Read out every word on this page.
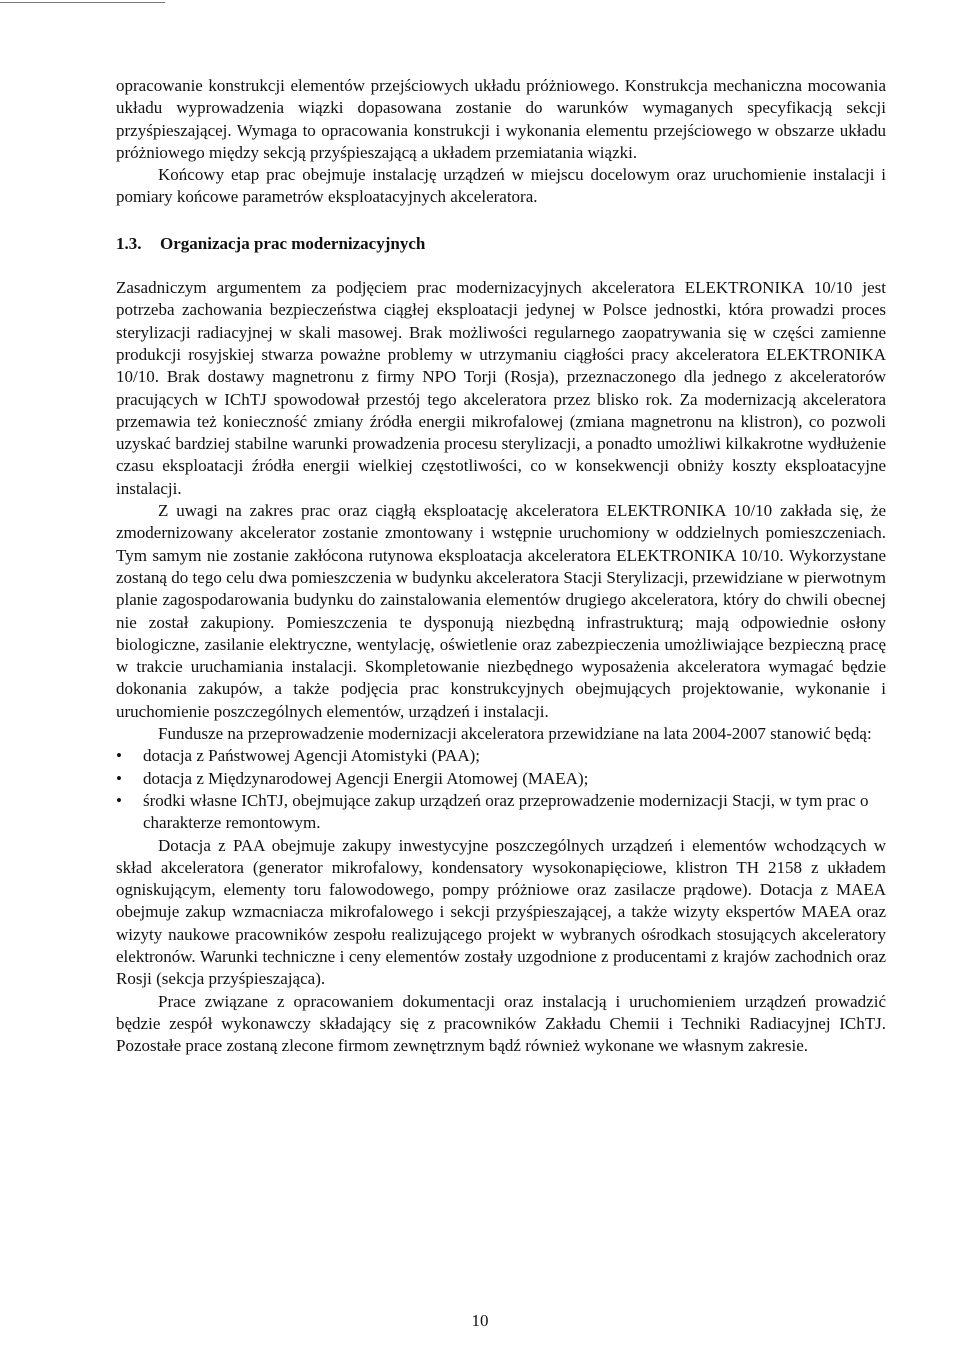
opracowanie konstrukcji elementów przejściowych układu próżniowego. Konstrukcja mechaniczna mocowania układu wyprowadzenia wiązki dopasowana zostanie do warunków wymaganych specyfikacją sekcji przyśpieszającej. Wymaga to opracowania konstrukcji i wykonania elementu przejściowego w obszarze układu próżniowego między sekcją przyśpieszającą a układem przemiatania wiązki.

Końcowy etap prac obejmuje instalację urządzeń w miejscu docelowym oraz uruchomienie instalacji i pomiary końcowe parametrów eksploatacyjnych akceleratora.

1.3. Organizacja prac modernizacyjnych

Zasadniczym argumentem za podjęciem prac modernizacyjnych akceleratora ELEKTRONIKA 10/10 jest potrzeba zachowania bezpieczeństwa ciągłej eksploatacji jedynej w Polsce jednostki, która prowadzi proces sterylizacji radiacyjnej w skali masowej. Brak możliwości regularnego zaopatrywania się w części zamienne produkcji rosyjskiej stwarza poważne problemy w utrzymaniu ciągłości pracy akceleratora ELEKTRONIKA 10/10. Brak dostawy magnetronu z firmy NPO Torji (Rosja), przeznaczonego dla jednego z akceleratorów pracujących w IChTJ spowodował przestój tego akceleratora przez blisko rok. Za modernizacją akceleratora przemawia też konieczność zmiany źródła energii mikrofalowej (zmiana magnetronu na klistron), co pozwoli uzyskać bardziej stabilne warunki prowadzenia procesu sterylizacji, a ponadto umożliwi kilkakrotne wydłużenie czasu eksploatacji źródła energii wielkiej częstotliwości, co w konsekwencji obniży koszty eksploatacyjne instalacji.

Z uwagi na zakres prac oraz ciągłą eksploatację akceleratora ELEKTRONIKA 10/10 zakłada się, że zmodernizowany akcelerator zostanie zmontowany i wstępnie uruchomiony w oddzielnych pomieszczeniach. Tym samym nie zostanie zakłócona rutynowa eksploatacja akceleratora ELEKTRONIKA 10/10. Wykorzystane zostaną do tego celu dwa pomieszczenia w budynku akceleratora Stacji Sterylizacji, przewidziane w pierwotnym planie zagospodarowania budynku do zainstalowania elementów drugiego akceleratora, który do chwili obecnej nie został zakupiony. Pomieszczenia te dysponują niezbędną infrastrukturą; mają odpowiednie osłony biologiczne, zasilanie elektryczne, wentylację, oświetlenie oraz zabezpieczenia umożliwiające bezpieczną pracę w trakcie uruchamiania instalacji. Skompletowanie niezbędnego wyposażenia akceleratora wymagać będzie dokonania zakupów, a także podjęcia prac konstrukcyjnych obejmujących projektowanie, wykonanie i uruchomienie poszczególnych elementów, urządzeń i instalacji.

Fundusze na przeprowadzenie modernizacji akceleratora przewidziane na lata 2004-2007 stanowić będą:

• dotacja z Państwowej Agencji Atomistyki (PAA);
• dotacja z Międzynarodowej Agencji Energii Atomowej (MAEA);
• środki własne IChTJ, obejmujące zakup urządzeń oraz przeprowadzenie modernizacji Stacji, w tym prac o charakterze remontowym.

Dotacja z PAA obejmuje zakupy inwestycyjne poszczególnych urządzeń i elementów wchodzących w skład akceleratora (generator mikrofalowy, kondensatory wysokonapięciowe, klistron TH 2158 z układem ogniskującym, elementy toru falowodowego, pompy próżniowe oraz zasilacze prądowe). Dotacja z MAEA obejmuje zakup wzmacniacza mikrofalowego i sekcji przyśpieszającej, a także wizyty ekspertów MAEA oraz wizyty naukowe pracowników zespołu realizującego projekt w wybranych ośrodkach stosujących akceleratory elektronów. Warunki techniczne i ceny elementów zostały uzgodnione z producentami z krajów zachodnich oraz Rosji (sekcja przyśpieszająca).

Prace związane z opracowaniem dokumentacji oraz instalacją i uruchomieniem urządzeń prowadzić będzie zespół wykonawczy składający się z pracowników Zakładu Chemii i Techniki Radiacyjnej IChTJ. Pozostałe prace zostaną zlecone firmom zewnętrznym bądź również wykonane we własnym zakresie.

10
